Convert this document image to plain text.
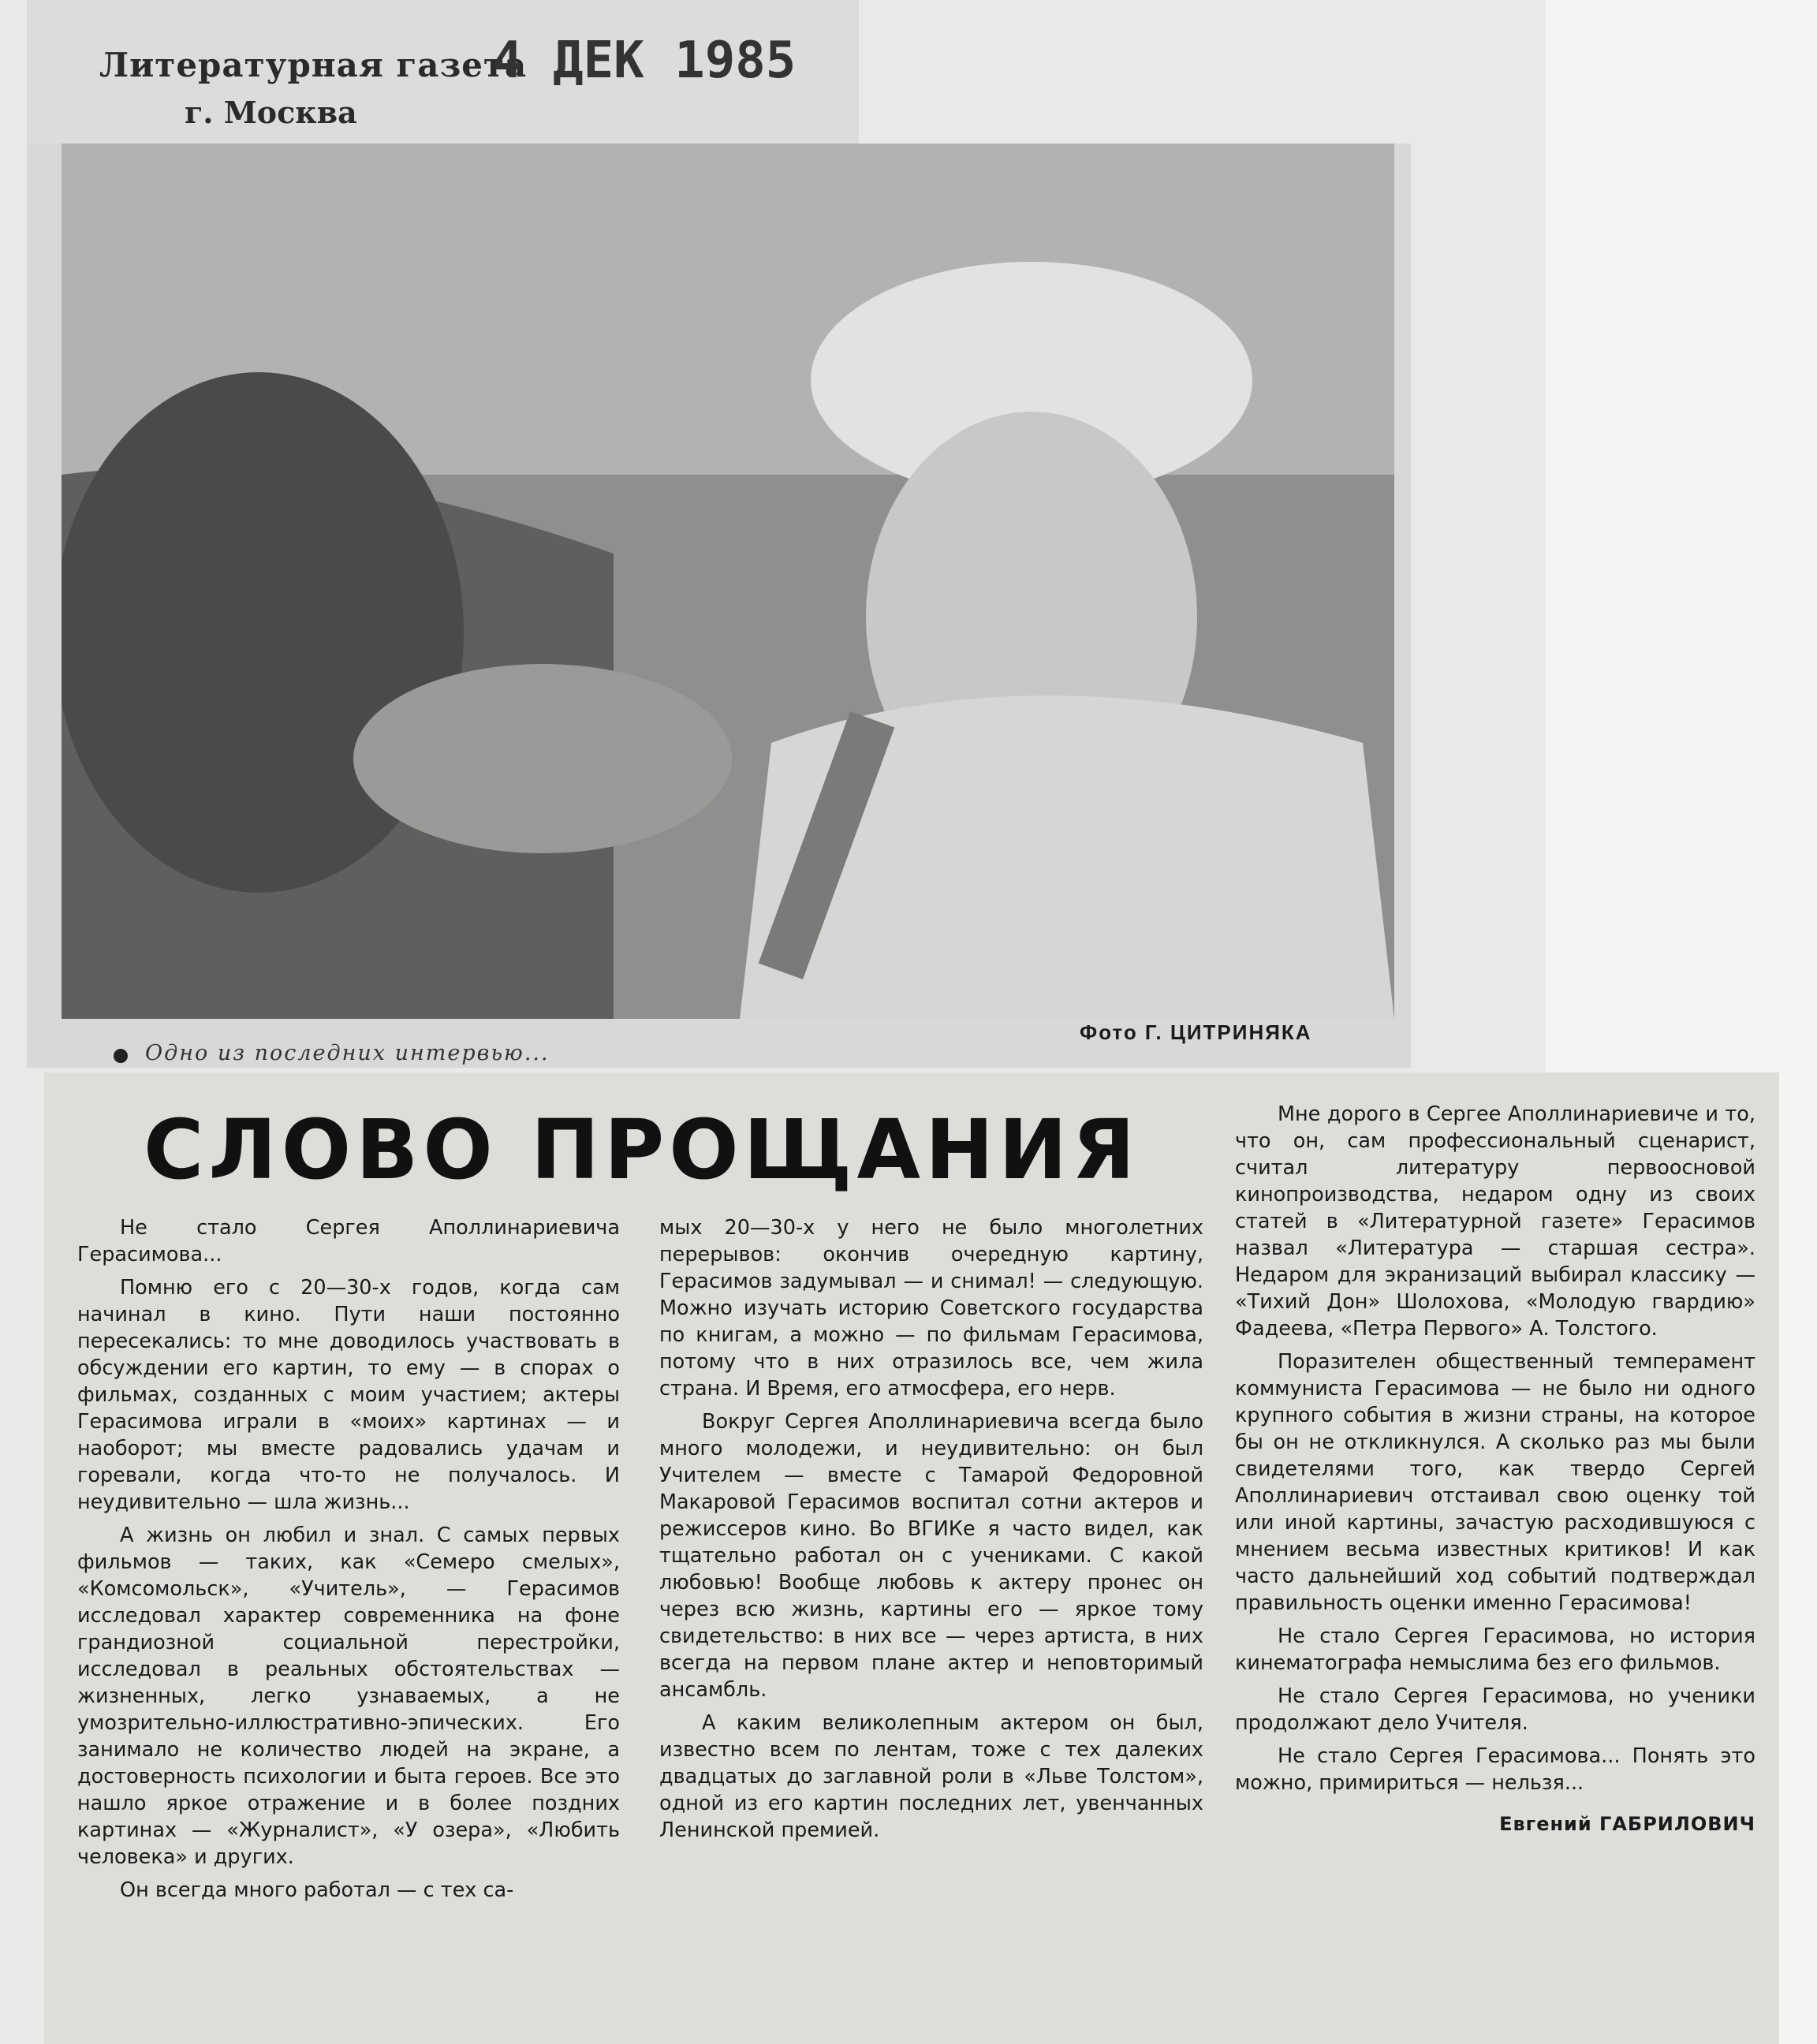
Литературная газета
г. Москва
4 ДЕК 1985
Фото Г. ЦИТРИНЯКА
Одно из последних интервью...
СЛОВО ПРОЩАНИЯ

Не стало Сергея Аполлинариевича Герасимова...

Помню его с 20—30-х годов, когда сам начинал в кино. Пути наши постоянно пересекались: то мне доводилось участвовать в обсуждении его картин, то ему — в спорах о фильмах, созданных с моим участием; актеры Герасимова играли в «моих» картинах — и наоборот; мы вместе радовались удачам и горевали, когда что-то не получалось. И неудивительно — шла жизнь...

А жизнь он любил и знал. С самых первых фильмов — таких, как «Семеро смелых», «Комсомольск», «Учитель», — Герасимов исследовал характер современника на фоне грандиозной социальной перестройки, исследовал в реальных обстоятельствах — жизненных, легко узнаваемых, а не умозрительно-иллюстративно-эпических. Его занимало не количество людей на экране, а достоверность психологии и быта героев. Все это нашло яркое отражение и в более поздних картинах — «Журналист», «У озера», «Любить человека» и других.

Он всегда много работал — с тех са-

мых 20—30-х у него не было многолетних перерывов: окончив очередную картину, Герасимов задумывал — и снимал! — следующую. Можно изучать историю Советского государства по книгам, а можно — по фильмам Герасимова, потому что в них отразилось все, чем жила страна. И Время, его атмосфера, его нерв.

Вокруг Сергея Аполлинариевича всегда было много молодежи, и неудивительно: он был Учителем — вместе с Тамарой Федоровной Макаровой Герасимов воспитал сотни актеров и режиссеров кино. Во ВГИКе я часто видел, как тщательно работал он с учениками. С какой любовью! Вообще любовь к актеру пронес он через всю жизнь, картины его — яркое тому свидетельство: в них все — через артиста, в них всегда на первом плане актер и неповторимый ансамбль.

А каким великолепным актером он был, известно всем по лентам, тоже с тех далеких двадцатых до заглавной роли в «Льве Толстом», одной из его картин последних лет, увенчанных Ленинской премией.

Мне дорого в Сергее Аполлинариевиче и то, что он, сам профессиональный сценарист, считал литературу первоосновой кинопроизводства, недаром одну из своих статей в «Литературной газете» Герасимов назвал «Литература — старшая сестра». Недаром для экранизаций выбирал классику — «Тихий Дон» Шолохова, «Молодую гвардию» Фадеева, «Петра Первого» А. Толстого.

Поразителен общественный темперамент коммуниста Герасимова — не было ни одного крупного события в жизни страны, на которое бы он не откликнулся. А сколько раз мы были свидетелями того, как твердо Сергей Аполлинариевич отстаивал свою оценку той или иной картины, зачастую расходившуюся с мнением весьма известных критиков! И как часто дальнейший ход событий подтверждал правильность оценки именно Герасимова!

Не стало Сергея Герасимова, но история кинематографа немыслима без его фильмов.

Не стало Сергея Герасимова, но ученики продолжают дело Учителя.

Не стало Сергея Герасимова... Понять это можно, примириться — нельзя...

Евгений ГАБРИЛОВИЧ
